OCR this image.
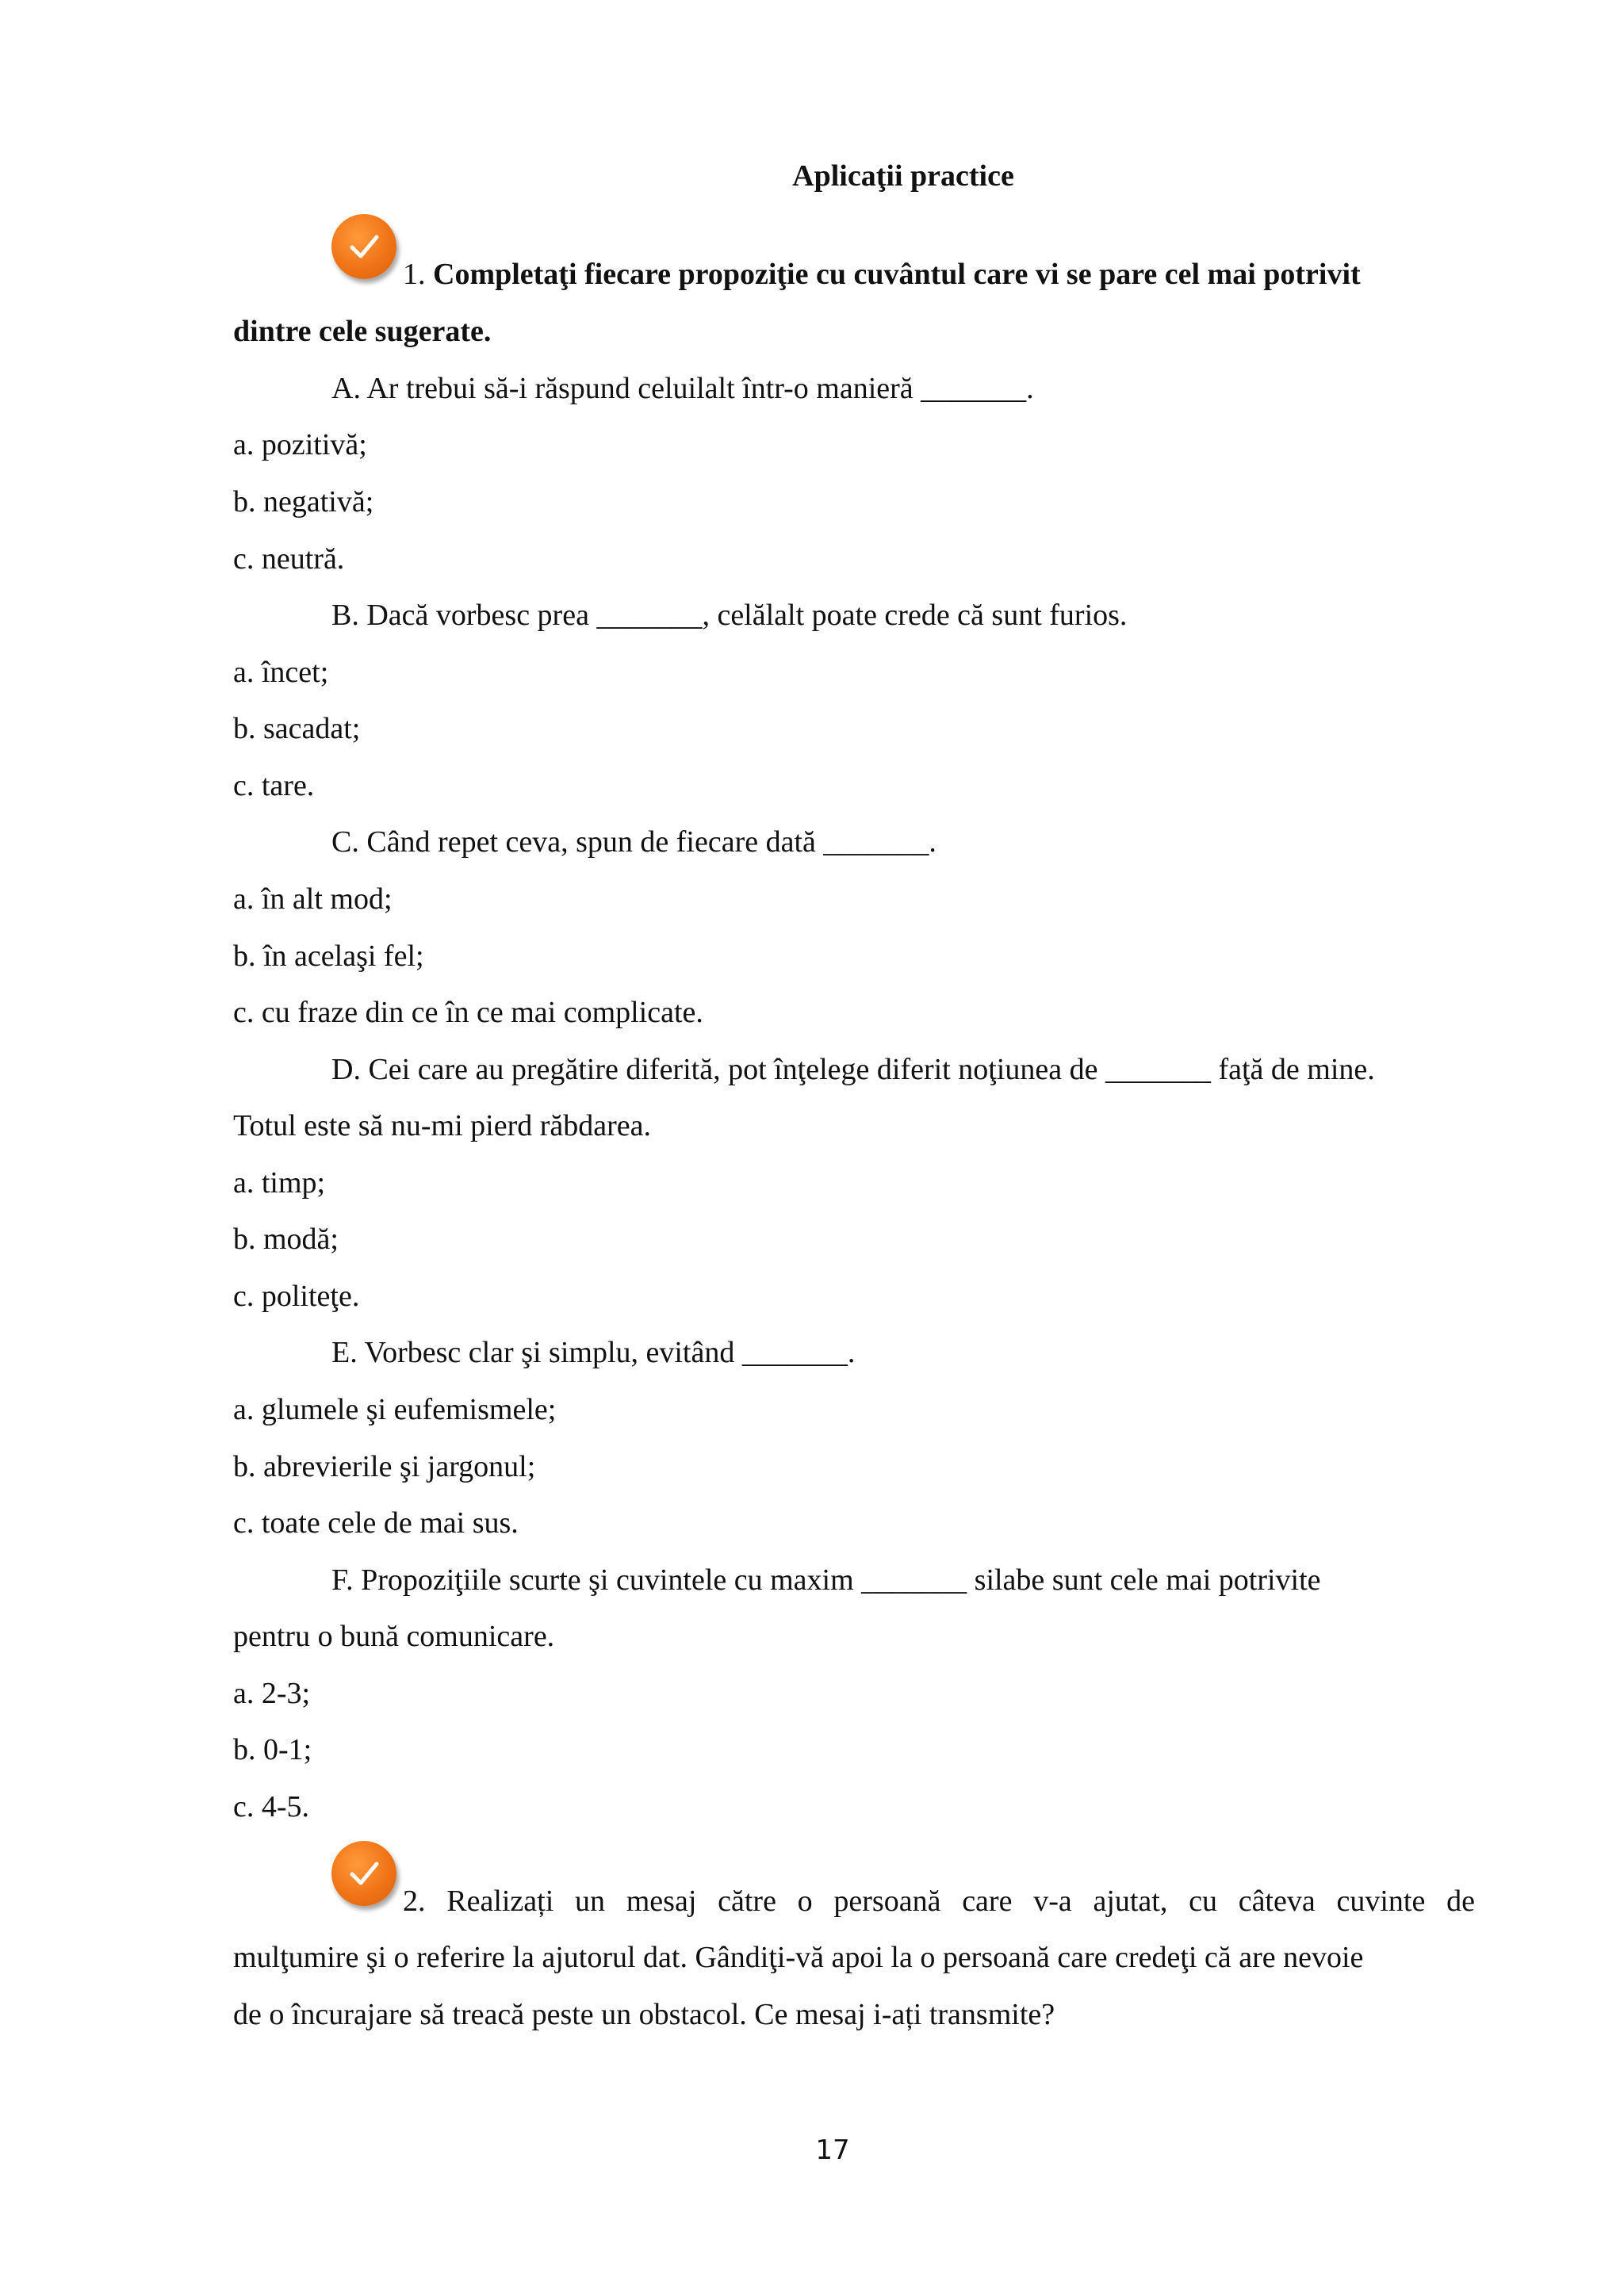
Aplicaţii practice
1. Completaţi fiecare propoziţie cu cuvântul care vi se pare cel mai potrivit
dintre cele sugerate.
A. Ar trebui să-i răspund celuilalt într-o manieră _______.
a. pozitivă;
b. negativă;
c. neutră.
B. Dacă vorbesc prea _______, celălalt poate crede că sunt furios.
a. încet;
b. sacadat;
c. tare.
C. Când repet ceva, spun de fiecare dată _______.
a. în alt mod;
b. în acelaşi fel;
c. cu fraze din ce în ce mai complicate.
D. Cei care au pregătire diferită, pot înţelege diferit noţiunea de _______ faţă de mine.
Totul este să nu-mi pierd răbdarea.
a. timp;
b. modă;
c. politeţe.
E. Vorbesc clar şi simplu, evitând _______.
a. glumele şi eufemismele;
b. abrevierile şi jargonul;
c. toate cele de mai sus.
F. Propoziţiile scurte şi cuvintele cu maxim _______ silabe sunt cele mai potrivite
pentru o bună comunicare.
a. 2-3;
b. 0-1;
c. 4-5.
2. Realizați un mesaj către o persoană care v-a ajutat, cu câteva cuvinte de
mulţumire şi o referire la ajutorul dat. Gândiţi-vă apoi la o persoană care credeţi că are nevoie
de o încurajare să treacă peste un obstacol. Ce mesaj i-ați transmite?
17
